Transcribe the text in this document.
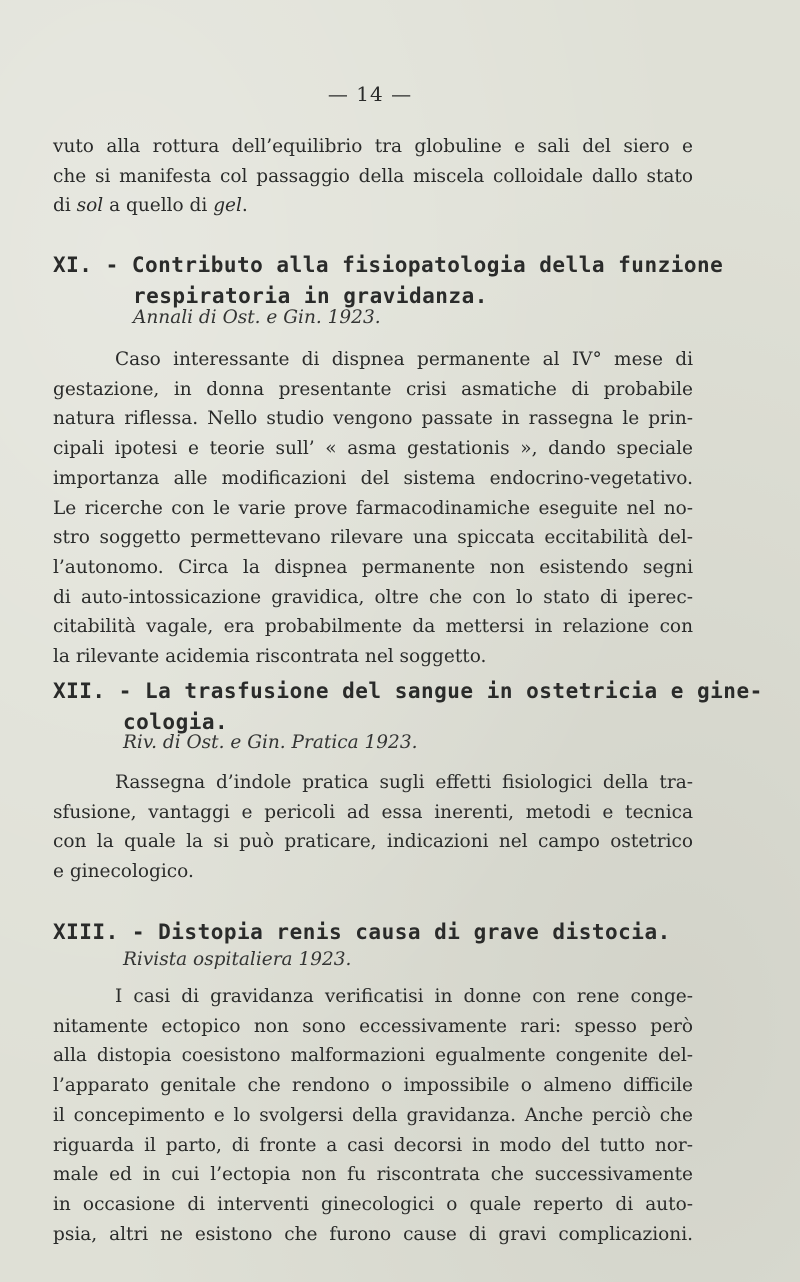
— 14 —
vuto alla rottura dell’equilibrio tra globuline e sali del siero e
che si manifesta col passaggio della miscela colloidale dallo stato
di sol a quello di gel.
XI. - Contributo alla fisiopatologia della funzione
respiratoria in gravidanza.
Annali di Ost. e Gin. 1923.
Caso interessante di dispnea permanente al IV° mese di
gestazione, in donna presentante crisi asmatiche di probabile
natura riflessa. Nello studio vengono passate in rassegna le prin-
cipali ipotesi e teorie sull’ « asma gestationis », dando speciale
importanza alle modificazioni del sistema endocrino-vegetativo.
Le ricerche con le varie prove farmacodinamiche eseguite nel no-
stro soggetto permettevano rilevare una spiccata eccitabilità del-
l’autonomo. Circa la dispnea permanente non esistendo segni
di auto-intossicazione gravidica, oltre che con lo stato di iperec-
citabilità vagale, era probabilmente da mettersi in relazione con
la rilevante acidemia riscontrata nel soggetto.
XII. - La trasfusione del sangue in ostetricia e gine-
cologia.
Riv. di Ost. e Gin. Pratica 1923.
Rassegna d’indole pratica sugli effetti fisiologici della tra-
sfusione, vantaggi e pericoli ad essa inerenti, metodi e tecnica
con la quale la si può praticare, indicazioni nel campo ostetrico
e ginecologico.
XIII. - Distopia renis causa di grave distocia.
Rivista ospitaliera 1923.
I casi di gravidanza verificatisi in donne con rene conge-
nitamente ectopico non sono eccessivamente rari: spesso però
alla distopia coesistono malformazioni egualmente congenite del-
l’apparato genitale che rendono o impossibile o almeno difficile
il concepimento e lo svolgersi della gravidanza. Anche perciò che
riguarda il parto, di fronte a casi decorsi in modo del tutto nor-
male ed in cui l’ectopia non fu riscontrata che successivamente
in occasione di interventi ginecologici o quale reperto di auto-
psia, altri ne esistono che furono cause di gravi complicazioni.
